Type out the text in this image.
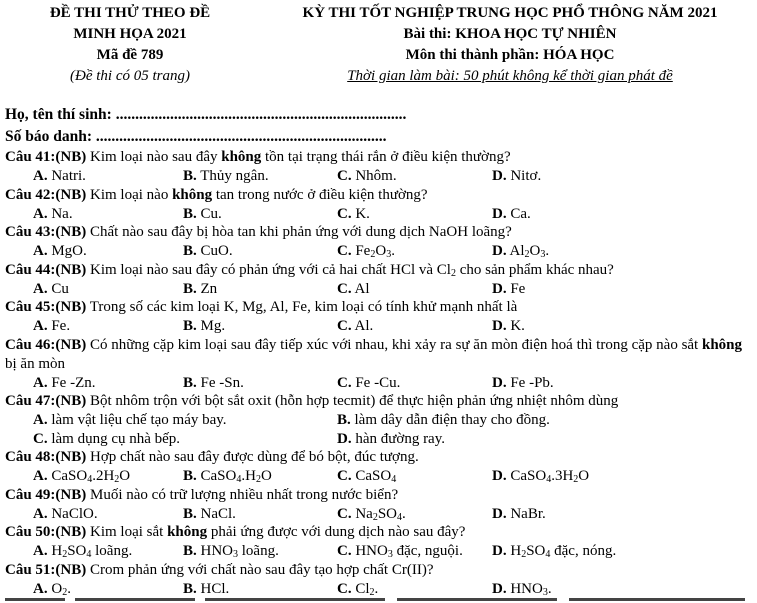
ĐỀ THI THỬ THEO ĐỀ
MINH HỌA 2021
Mã đề 789
(Đề thi có 05 trang)
KỲ THI TỐT NGHIỆP TRUNG HỌC PHỔ THÔNG NĂM 2021
Bài thi: KHOA HỌC TỰ NHIÊN
Môn thi thành phần: HÓA HỌC
Thời gian làm bài: 50 phút không kể thời gian phát đề
Họ, tên thí sinh: ...........................................................................
Số báo danh: ...........................................................................
Câu 41:(NB) Kim loại nào sau đây không tồn tại trạng thái rắn ở điều kiện thường?
A. Natri.	B. Thủy ngân.	C. Nhôm.	D. Nitơ.
Câu 42:(NB) Kim loại nào không tan trong nước ở điều kiện thường?
A. Na.	B. Cu.	C. K.	D. Ca.
Câu 43:(NB) Chất nào sau đây bị hòa tan khi phản ứng với dung dịch NaOH loãng?
A. MgO.	B. CuO.	C. $Fe_2O_3$.	D. $Al_2O_3$.
Câu 44:(NB) Kim loại nào sau đây có phản ứng với cả hai chất HCl và $Cl_2$ cho sản phẩm khác nhau?
A. Cu	B. Zn	C. Al	D. Fe
Câu 45:(NB) Trong số các kim loại K, Mg, Al, Fe, kim loại có tính khử mạnh nhất là
A. Fe.	B. Mg.	C. Al.	D. K.
Câu 46:(NB) Có những cặp kim loại sau đây tiếp xúc với nhau, khi xảy ra sự ăn mòn điện hoá thì trong cặp nào sắt không bị ăn mòn
A. Fe -Zn.	B. Fe -Sn.	C. Fe -Cu.	D. Fe -Pb.
Câu 47:(NB) Bột nhôm trộn với bột sắt oxit (hỗn hợp tecmit) để thực hiện phản ứng nhiệt nhôm dùng
A. làm vật liệu chế tạo máy bay.	B. làm dây dẫn điện thay cho đồng.
C. làm dụng cụ nhà bếp.	D. hàn đường ray.
Câu 48:(NB) Hợp chất nào sau đây được dùng để bó bột, đúc tượng.
A. $CaSO_4.2H_2O$	B. $CaSO_4.H_2O$	C. CaSO$_4$	D. $CaSO_4.3H_2O$
Câu 49:(NB) Muối nào có trữ lượng nhiều nhất trong nước biển?
A. NaClO.	B. NaCl.	C. $Na_2SO_4$.	D. NaBr.
Câu 50:(NB) Kim loại sắt không phải ứng được với dung dịch nào sau đây?
A. $H_2SO_4$ loãng.	B. $HNO_3$ loãng.	C. $HNO_3$ đặc, nguội. D. $H_2SO_4$ đặc, nóng.
Câu 51:(NB) Crom phản ứng với chất nào sau đây tạo hợp chất Cr(II)?
A. $O_2$.	B. HCl.	C. $Cl_2$.	D. $HNO_3$.
